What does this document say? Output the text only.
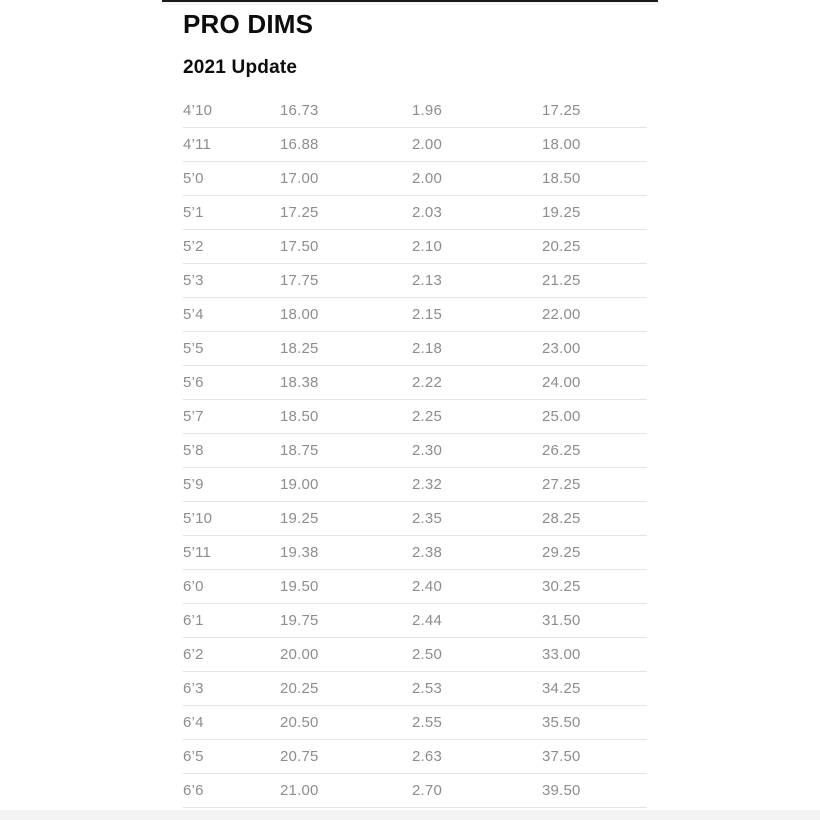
PRO DIMS
2021 Update
4’10	16.73	1.96	17.25
4’11	16.88	2.00	18.00
5’0	17.00	2.00	18.50
5’1	17.25	2.03	19.25
5’2	17.50	2.10	20.25
5’3	17.75	2.13	21.25
5’4	18.00	2.15	22.00
5’5	18.25	2.18	23.00
5’6	18.38	2.22	24.00
5’7	18.50	2.25	25.00
5’8	18.75	2.30	26.25
5’9	19.00	2.32	27.25
5’10	19.25	2.35	28.25
5’11	19.38	2.38	29.25
6’0	19.50	2.40	30.25
6’1	19.75	2.44	31.50
6’2	20.00	2.50	33.00
6’3	20.25	2.53	34.25
6’4	20.50	2.55	35.50
6’5	20.75	2.63	37.50
6’6	21.00	2.70	39.50
